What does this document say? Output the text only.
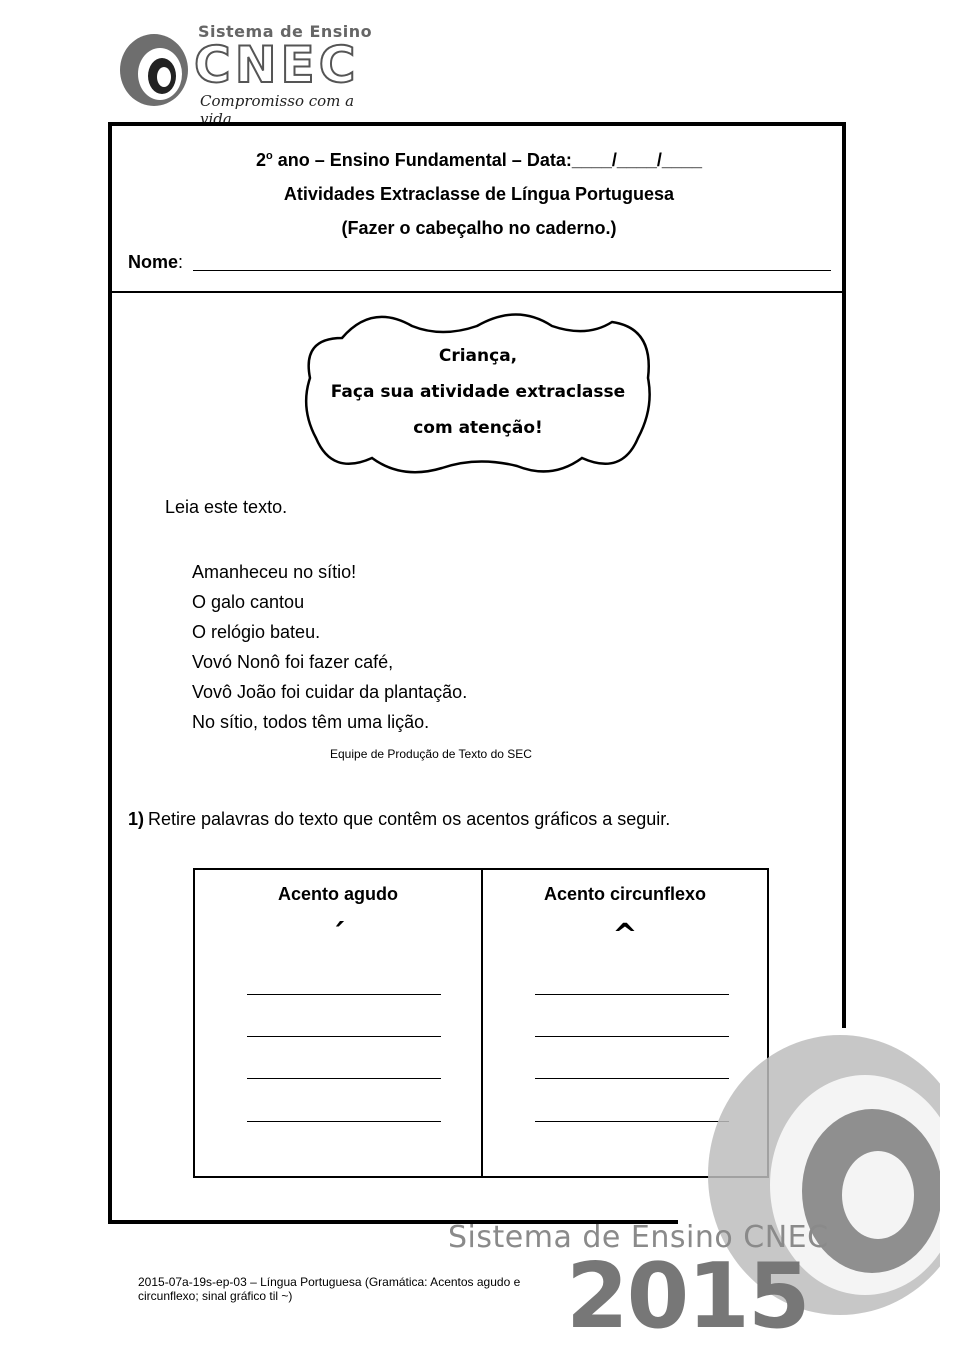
Sistema de Ensino
CNEC
Compromisso com a vida
2$^o$ ano – Ensino Fundamental – Data:____/____/____
Atividades Extraclasse de Língua Portuguesa
(Fazer o cabeçalho no caderno.)
Nome:
Criança,
Faça sua atividade extraclasse
com atenção!
Leia este texto.
Amanheceu no sítio!
O galo cantou
O relógio bateu.
Vovó Nonô foi fazer café,
Vovô João foi cuidar da plantação.
No sítio, todos têm uma lição.
Equipe de Produção de Texto do SEC
1) Retire palavras do texto que contêm os acentos gráficos a seguir.
Acento agudo
´
Acento circunflexo
^
Sistema de Ensino CNEC
2015
2015-07a-19s-ep-03 – Língua Portuguesa (Gramática: Acentos agudo e circunflexo; sinal gráfico til ~)
